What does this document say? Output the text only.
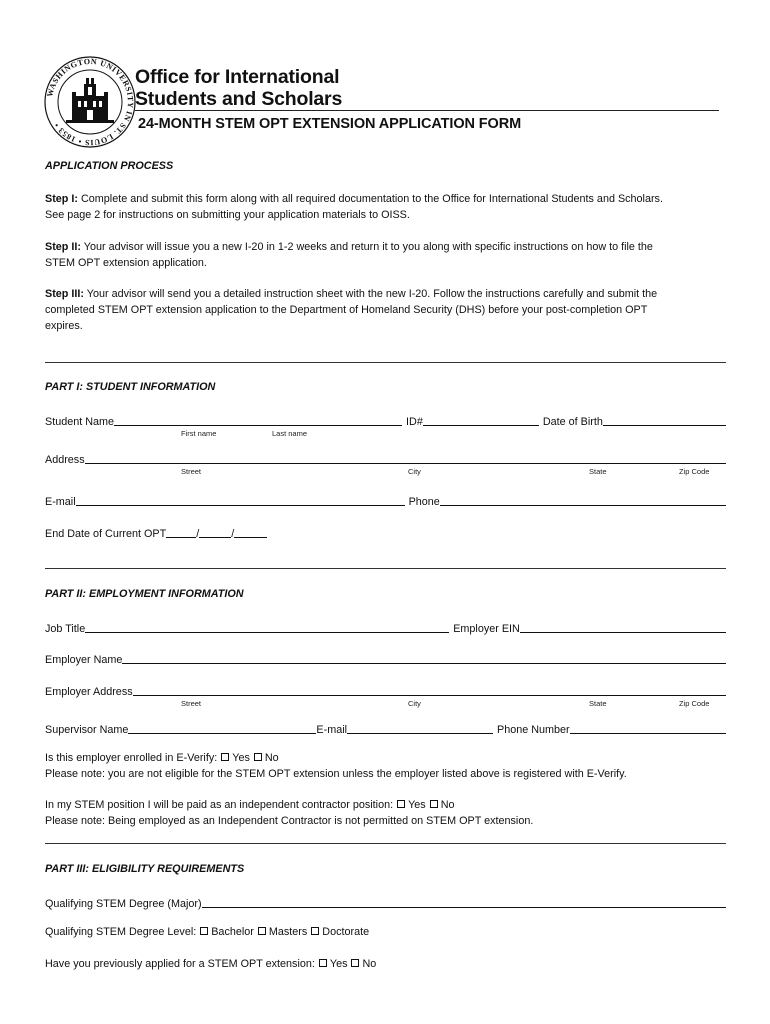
WASHINGTON UNIVERSITY IN ST. LOUIS • 1853 •
Office for International
Students and Scholars
24-MONTH STEM OPT EXTENSION APPLICATION FORM
APPLICATION PROCESS
Step I: Complete and submit this form along with all required documentation to the Office for International Students and Scholars.
See page 2 for instructions on submitting your application materials to OISS.
Step II: Your advisor will issue you a new I-20 in 1-2 weeks and return it to you along with specific instructions on how to file the
STEM OPT extension application.
Step III: Your advisor will send you a detailed instruction sheet with the new I-20. Follow the instructions carefully and submit the
completed STEM OPT extension application to the Department of Homeland Security (DHS) before your post-completion OPT
expires.
PART I: STUDENT INFORMATION
Student Name	ID#	Date of Birth
First name	Last name
Address
Street	City	State	Zip Code
E-mail	Phone
End Date of Current OPT	/	/
PART II: EMPLOYMENT INFORMATION
Job Title	Employer EIN
Employer Name
Employer Address
Street	City	State	Zip Code
Supervisor Name	E-mail	Phone Number
Is this employer enrolled in E-Verify: Yes No
Please note: you are not eligible for the STEM OPT extension unless the employer listed above is registered with E-Verify.
In my STEM position I will be paid as an independent contractor position: Yes No
Please note: Being employed as an Independent Contractor is not permitted on STEM OPT extension.
PART III: ELIGIBILITY REQUIREMENTS
Qualifying STEM Degree (Major)
Qualifying STEM Degree Level: Bachelor Masters Doctorate
Have you previously applied for a STEM OPT extension: Yes No
